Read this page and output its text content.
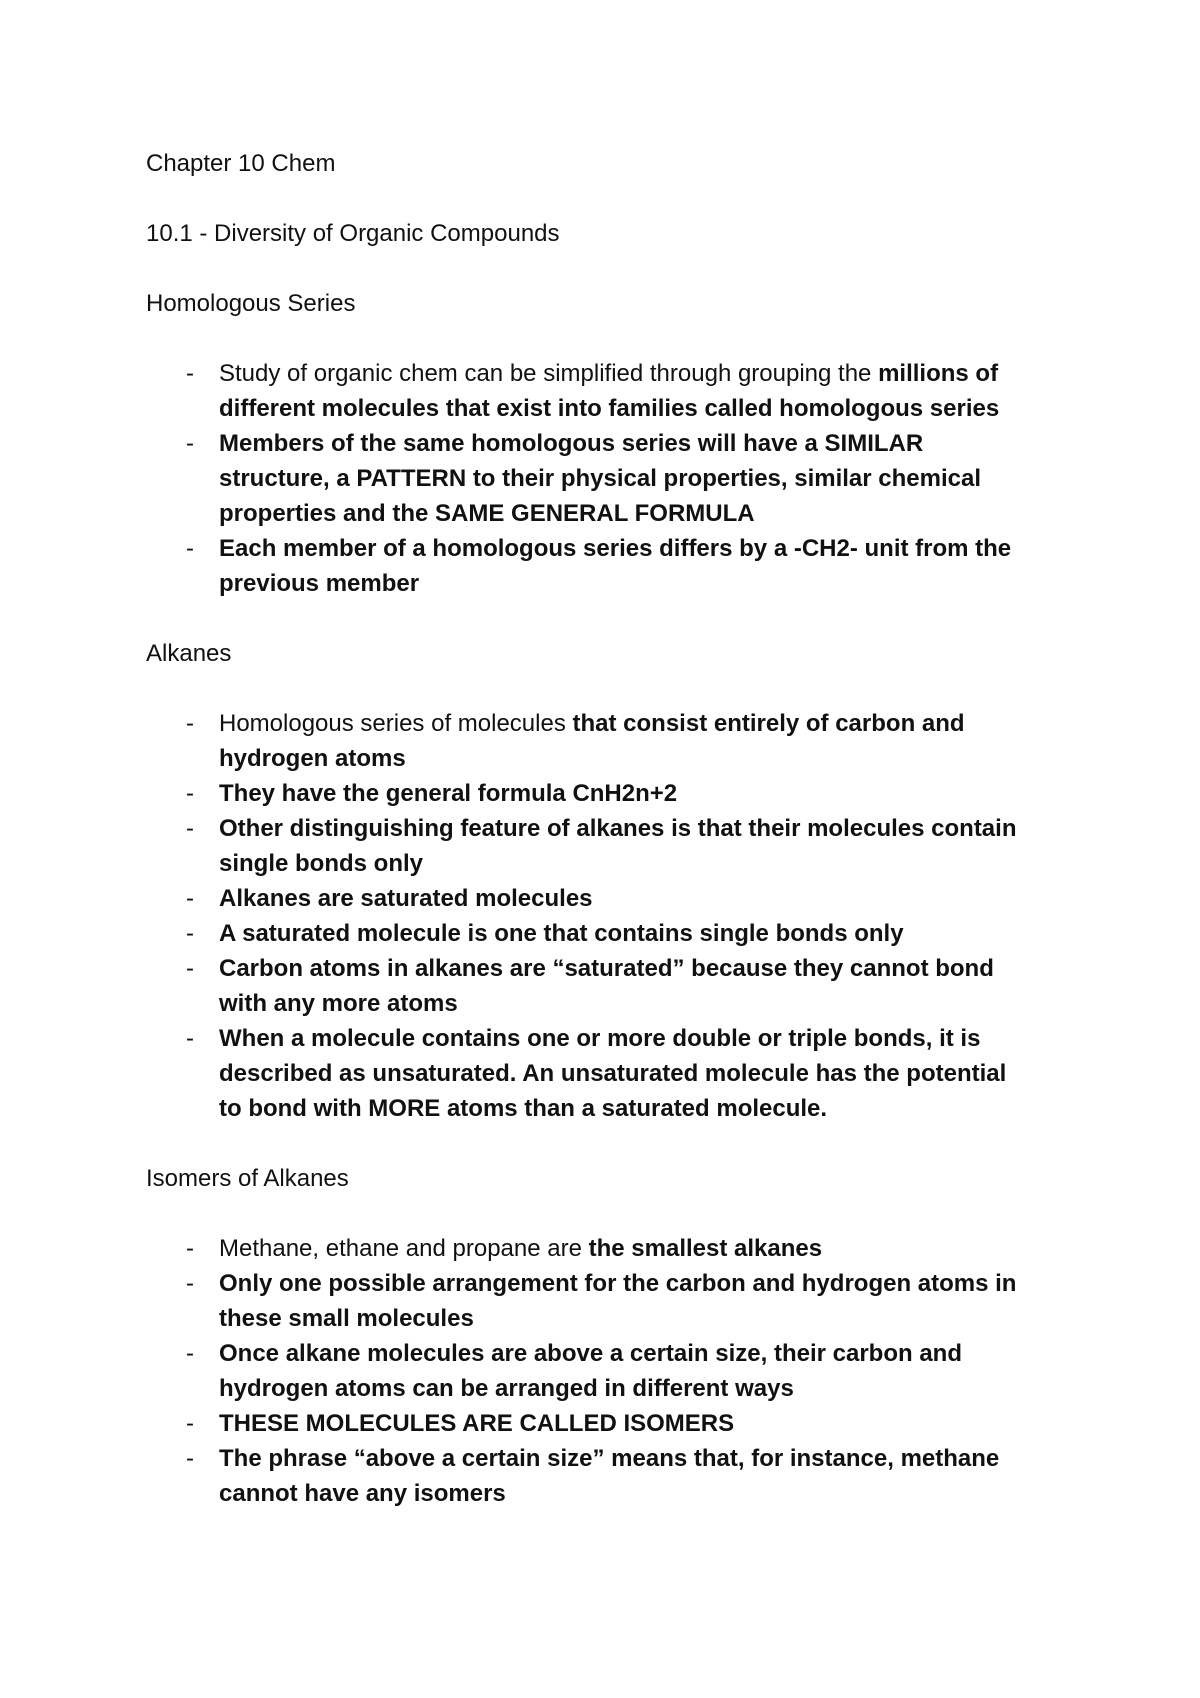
Chapter 10 Chem
10.1 - Diversity of Organic Compounds
Homologous Series
-	Study of organic chem can be simplified through grouping the millions of
different molecules that exist into families called homologous series
-	Members of the same homologous series will have a SIMILAR
structure, a PATTERN to their physical properties, similar chemical
properties and the SAME GENERAL FORMULA
-	Each member of a homologous series differs by a -CH2- unit from the
previous member
Alkanes
-	Homologous series of molecules that consist entirely of carbon and
hydrogen atoms
-	They have the general formula CnH2n+2
-	Other distinguishing feature of alkanes is that their molecules contain
single bonds only
-	Alkanes are saturated molecules
-	A saturated molecule is one that contains single bonds only
-	Carbon atoms in alkanes are “saturated” because they cannot bond
with any more atoms
-	When a molecule contains one or more double or triple bonds, it is
described as unsaturated. An unsaturated molecule has the potential
to bond with MORE atoms than a saturated molecule.
Isomers of Alkanes
-	Methane, ethane and propane are the smallest alkanes
-	Only one possible arrangement for the carbon and hydrogen atoms in
these small molecules
-	Once alkane molecules are above a certain size, their carbon and
hydrogen atoms can be arranged in different ways
-	THESE MOLECULES ARE CALLED ISOMERS
-	The phrase “above a certain size” means that, for instance, methane
cannot have any isomers
